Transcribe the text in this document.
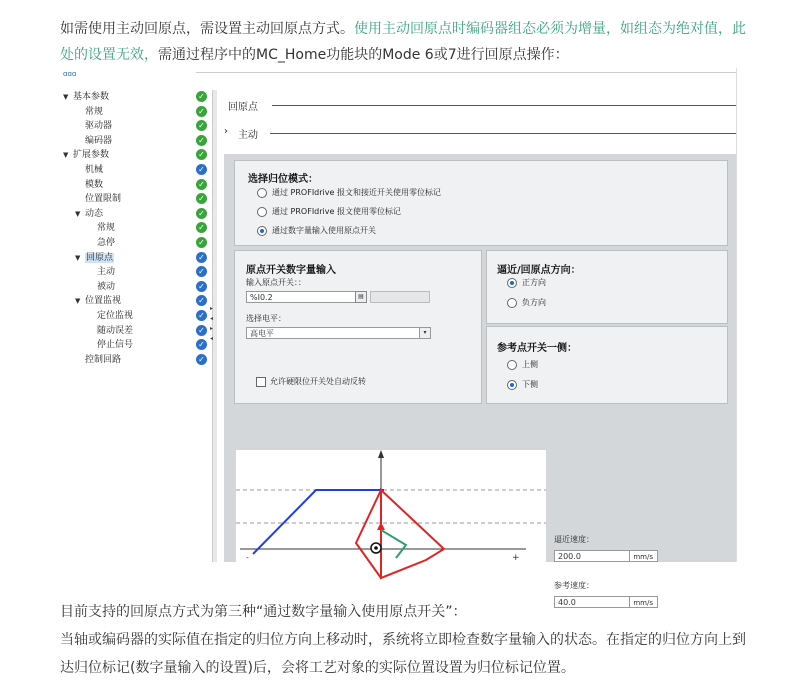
如需使用主动回原点，需设置主动回原点方式。使用主动回原点时编码器组态必须为增量，如组态为绝对值，此处的设置无效，需通过程序中的MC_Home功能块的Mode 6或7进行回原点操作：
ɑɑɑ
▼ 基本参数
常规
驱动器
编码器
▼ 扩展参数
机械
模数
位置限制
▼ 动态
常规
急停
▼ 回原点
主动
被动
▼ 位置监视
定位监视
随动误差
停止信号
控制回路
✓
✓
✓
✓
✓
✓
✓
✓
✓
✓
✓
✓
✓
✓
✓
✓
✓
✓
✓
▸
◂
▸
◂
回原点
› 主动
选择归位模式：
通过 PROFIdrive 报文和接近开关使用零位标记
通过 PROFIdrive 报文使用零位标记
通过数字量输入使用原点开关
原点开关数字量输入
输入原点开关：：
%I0.2	▤
选择电平：
高电平	▾
允许硬限位开关处自动反转
逼近/回原点方向：
正方向
负方向
参考点开关一侧：
上侧
下侧
逼近速度：
200.0	mm/s
参考速度：
40.0	mm/s
-	+
目前支持的回原点方式为第三种“通过数字量输入使用原点开关”：
当轴或编码器的实际值在指定的归位方向上移动时，系统将立即检查数字量输入的状态。在指定的归位方向上到达归位标记(数字量输入的设置)后，会将工艺对象的实际位置设置为归位标记位置。
